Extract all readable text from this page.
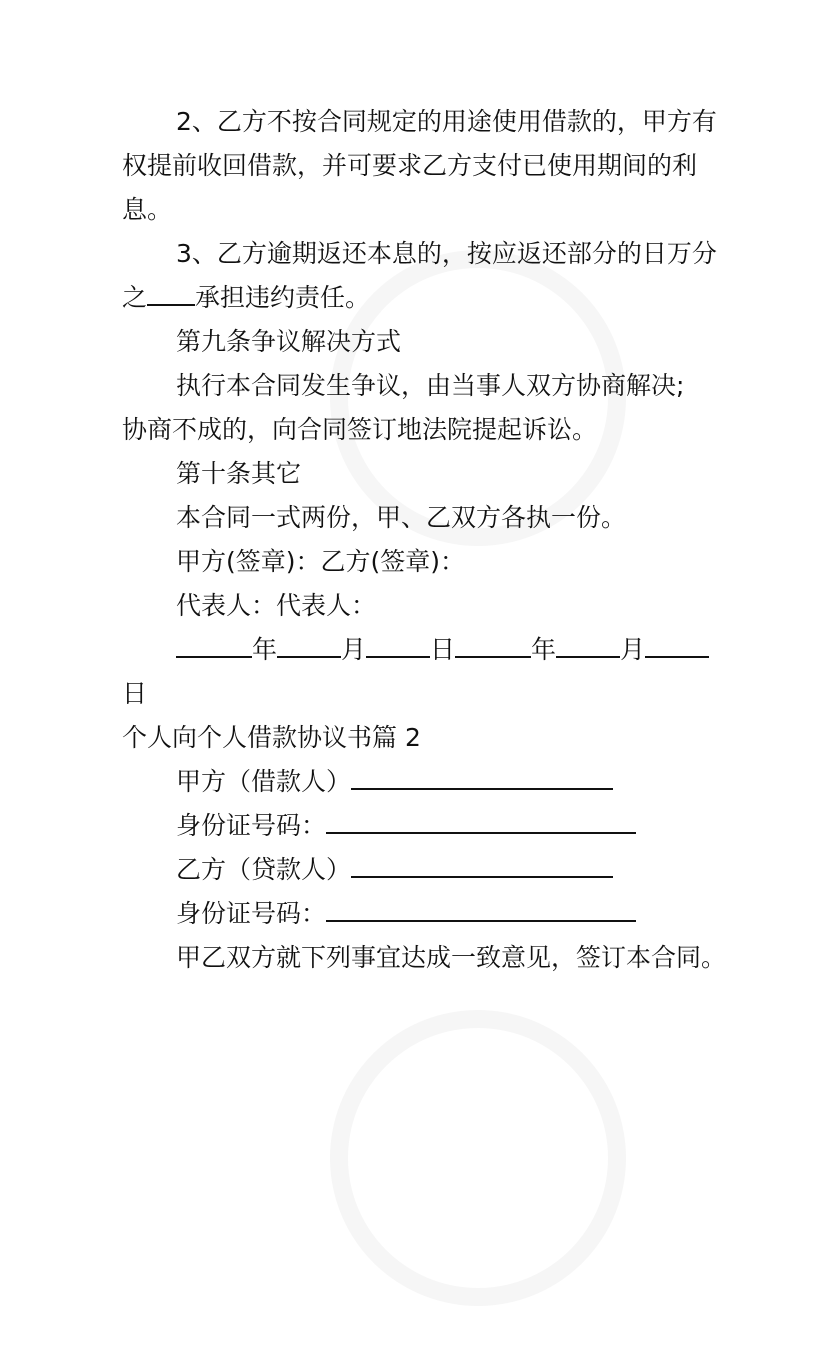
2、乙方不按合同规定的用途使用借款的，甲方有

权提前收回借款，并可要求乙方支付已使用期间的利

息。

3、乙方逾期返还本息的，按应返还部分的日万分

之 承担违约责任。

第九条争议解决方式

执行本合同发生争议，由当事人双方协商解决;

协商不成的，向合同签订地法院提起诉讼。

第十条其它

本合同一式两份，甲、乙双方各执一份。

甲方(签章)：乙方(签章)：

代表人：代表人：

年	月	日	年	月

日

个人向个人借款协议书篇 2

甲方（借款人）

身份证号码：

乙方（贷款人）

身份证号码：

甲乙双方就下列事宜达成一致意见，签订本合同。
